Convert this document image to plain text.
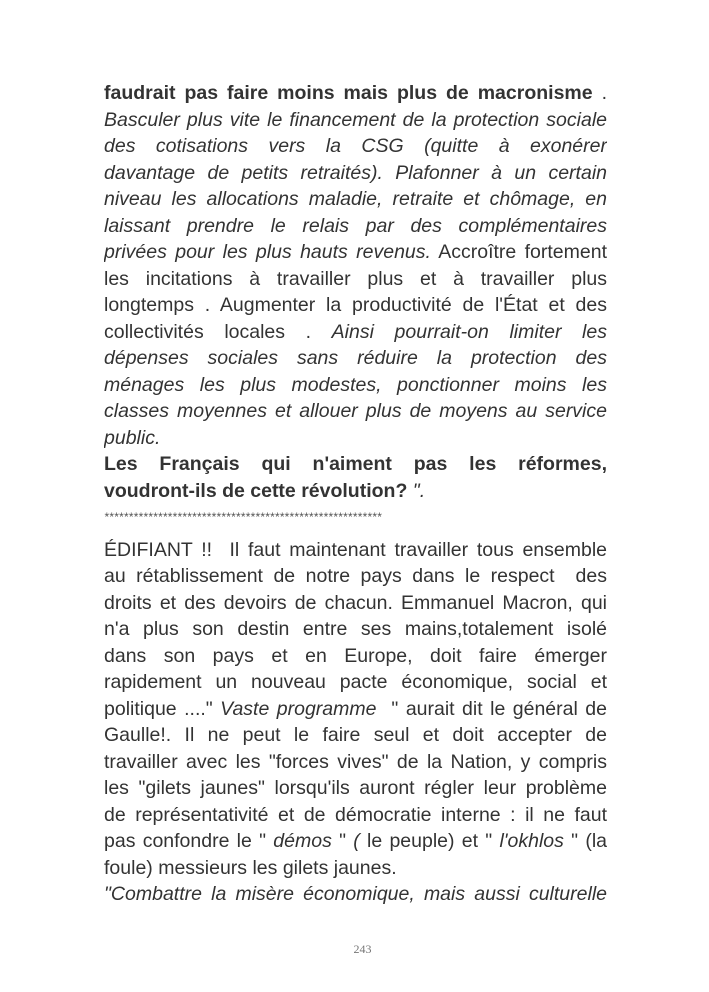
faudrait pas faire moins mais plus de macronisme .
Basculer plus vite le financement de la protection sociale
des cotisations vers la CSG (quitte à exonérer
davantage de petits retraités). Plafonner à un certain
niveau les allocations maladie, retraite et chômage, en
laissant prendre le relais par des complémentaires
privées pour les plus hauts revenus. Accroître fortement
les incitations à travailler plus et à travailler plus
longtemps . Augmenter la productivité de l'État et des
collectivités locales . Ainsi pourrait-on limiter les
dépenses sociales sans réduire la protection des
ménages les plus modestes, ponctionner moins les
classes moyennes et allouer plus de moyens au service
public.
Les Français qui n'aiment pas les réformes,
voudront-ils de cette révolution? ".
*********************************************************
ÉDIFIANT !!  Il faut maintenant travailler tous ensemble
au rétablissement de notre pays dans le respect  des
droits et des devoirs de chacun. Emmanuel Macron, qui
n'a plus son destin entre ses mains,totalement isolé
dans son pays et en Europe, doit faire émerger
rapidement un nouveau pacte économique, social et
politique ...." Vaste programme  " aurait dit le général de
Gaulle!. Il ne peut le faire seul et doit accepter de
travailler avec les "forces vives" de la Nation, y compris
les "gilets jaunes" lorsqu'ils auront régler leur problème
de représentativité et de démocratie interne : il ne faut
pas confondre le " démos " ( le peuple) et " l'okhlos " (la
foule) messieurs les gilets jaunes.
"Combattre la misère économique, mais aussi culturelle
243
